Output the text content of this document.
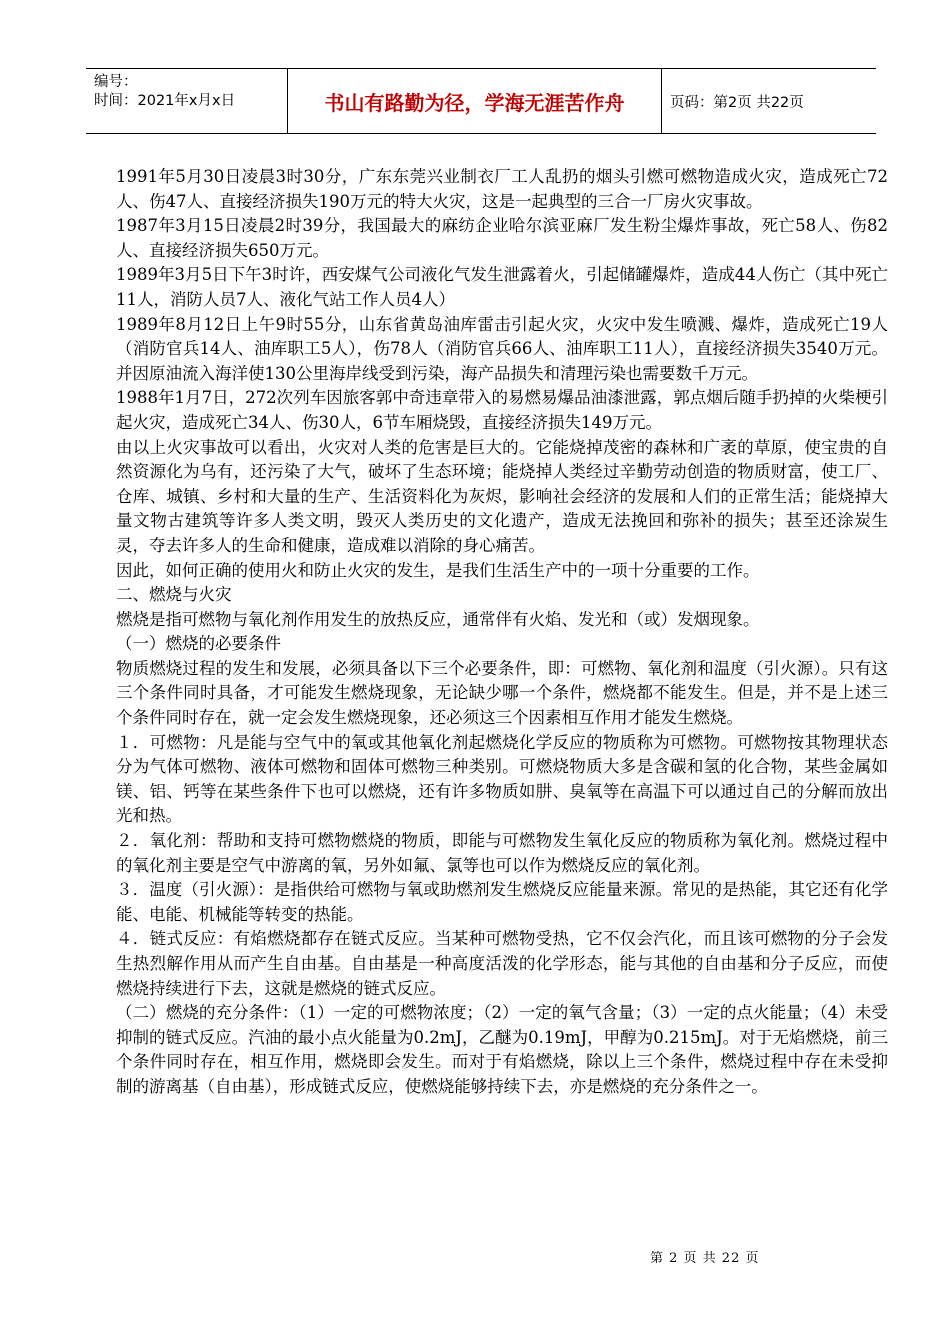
编号：
时间：2021年x月x日	书山有路勤为径，学海无涯苦作舟	页码：第2页 共22页

1991年5月30日凌晨3时30分，广东东莞兴业制衣厂工人乱扔的烟头引燃可燃物造成火灾，造成死亡72人、伤47人、直接经济损失190万元的特大火灾，这是一起典型的三合一厂房火灾事故。

1987年3月15日凌晨2时39分，我国最大的麻纺企业哈尔滨亚麻厂发生粉尘爆炸事故，死亡58人、伤82人、直接经济损失650万元。

1989年3月5日下午3时许，西安煤气公司液化气发生泄露着火，引起储罐爆炸，造成44人伤亡（其中死亡11人，消防人员7人、液化气站工作人员4人）

1989年8月12日上午9时55分，山东省黄岛油库雷击引起火灾，火灾中发生喷溅、爆炸，造成死亡19人（消防官兵14人、油库职工5人），伤78人（消防官兵66人、油库职工11人），直接经济损失3540万元。并因原油流入海洋使130公里海岸线受到污染，海产品损失和清理污染也需要数千万元。

1988年1月7日，272次列车因旅客郭中奇违章带入的易燃易爆品油漆泄露，郭点烟后随手扔掉的火柴梗引起火灾，造成死亡34人、伤30人，6节车厢烧毁，直接经济损失149万元。

由以上火灾事故可以看出，火灾对人类的危害是巨大的。它能烧掉茂密的森林和广袤的草原，使宝贵的自然资源化为乌有，还污染了大气，破坏了生态环境；能烧掉人类经过辛勤劳动创造的物质财富，使工厂、仓库、城镇、乡村和大量的生产、生活资料化为灰烬，影响社会经济的发展和人们的正常生活；能烧掉大量文物古建筑等许多人类文明，毁灭人类历史的文化遗产，造成无法挽回和弥补的损失；甚至还涂炭生灵，夺去许多人的生命和健康，造成难以消除的身心痛苦。

因此，如何正确的使用火和防止火灾的发生，是我们生活生产中的一项十分重要的工作。

二、燃烧与火灾

燃烧是指可燃物与氧化剂作用发生的放热反应，通常伴有火焰、发光和（或）发烟现象。

（一）燃烧的必要条件

物质燃烧过程的发生和发展，必须具备以下三个必要条件，即：可燃物、氧化剂和温度（引火源）。只有这三个条件同时具备，才可能发生燃烧现象，无论缺少哪一个条件，燃烧都不能发生。但是，并不是上述三个条件同时存在，就一定会发生燃烧现象，还必须这三个因素相互作用才能发生燃烧。

１．可燃物：凡是能与空气中的氧或其他氧化剂起燃烧化学反应的物质称为可燃物。可燃物按其物理状态分为气体可燃物、液体可燃物和固体可燃物三种类别。可燃烧物质大多是含碳和氢的化合物，某些金属如镁、铝、钙等在某些条件下也可以燃烧，还有许多物质如肼、臭氧等在高温下可以通过自己的分解而放出光和热。

２．氧化剂：帮助和支持可燃物燃烧的物质，即能与可燃物发生氧化反应的物质称为氧化剂。燃烧过程中的氧化剂主要是空气中游离的氧，另外如氟、氯等也可以作为燃烧反应的氧化剂。

３．温度（引火源）：是指供给可燃物与氧或助燃剂发生燃烧反应能量来源。常见的是热能，其它还有化学能、电能、机械能等转变的热能。

４．链式反应：有焰燃烧都存在链式反应。当某种可燃物受热，它不仅会汽化，而且该可燃物的分子会发生热烈解作用从而产生自由基。自由基是一种高度活泼的化学形态，能与其他的自由基和分子反应，而使燃烧持续进行下去，这就是燃烧的链式反应。

（二）燃烧的充分条件：（1）一定的可燃物浓度；（2）一定的氧气含量；（3）一定的点火能量；（4）未受抑制的链式反应。汽油的最小点火能量为0.2mJ，乙醚为0.19mJ，甲醇为0.215mJ。对于无焰燃烧，前三个条件同时存在，相互作用，燃烧即会发生。而对于有焰燃烧，除以上三个条件，燃烧过程中存在未受抑制的游离基（自由基），形成链式反应，使燃烧能够持续下去，亦是燃烧的充分条件之一。

第 2 页 共 22 页
